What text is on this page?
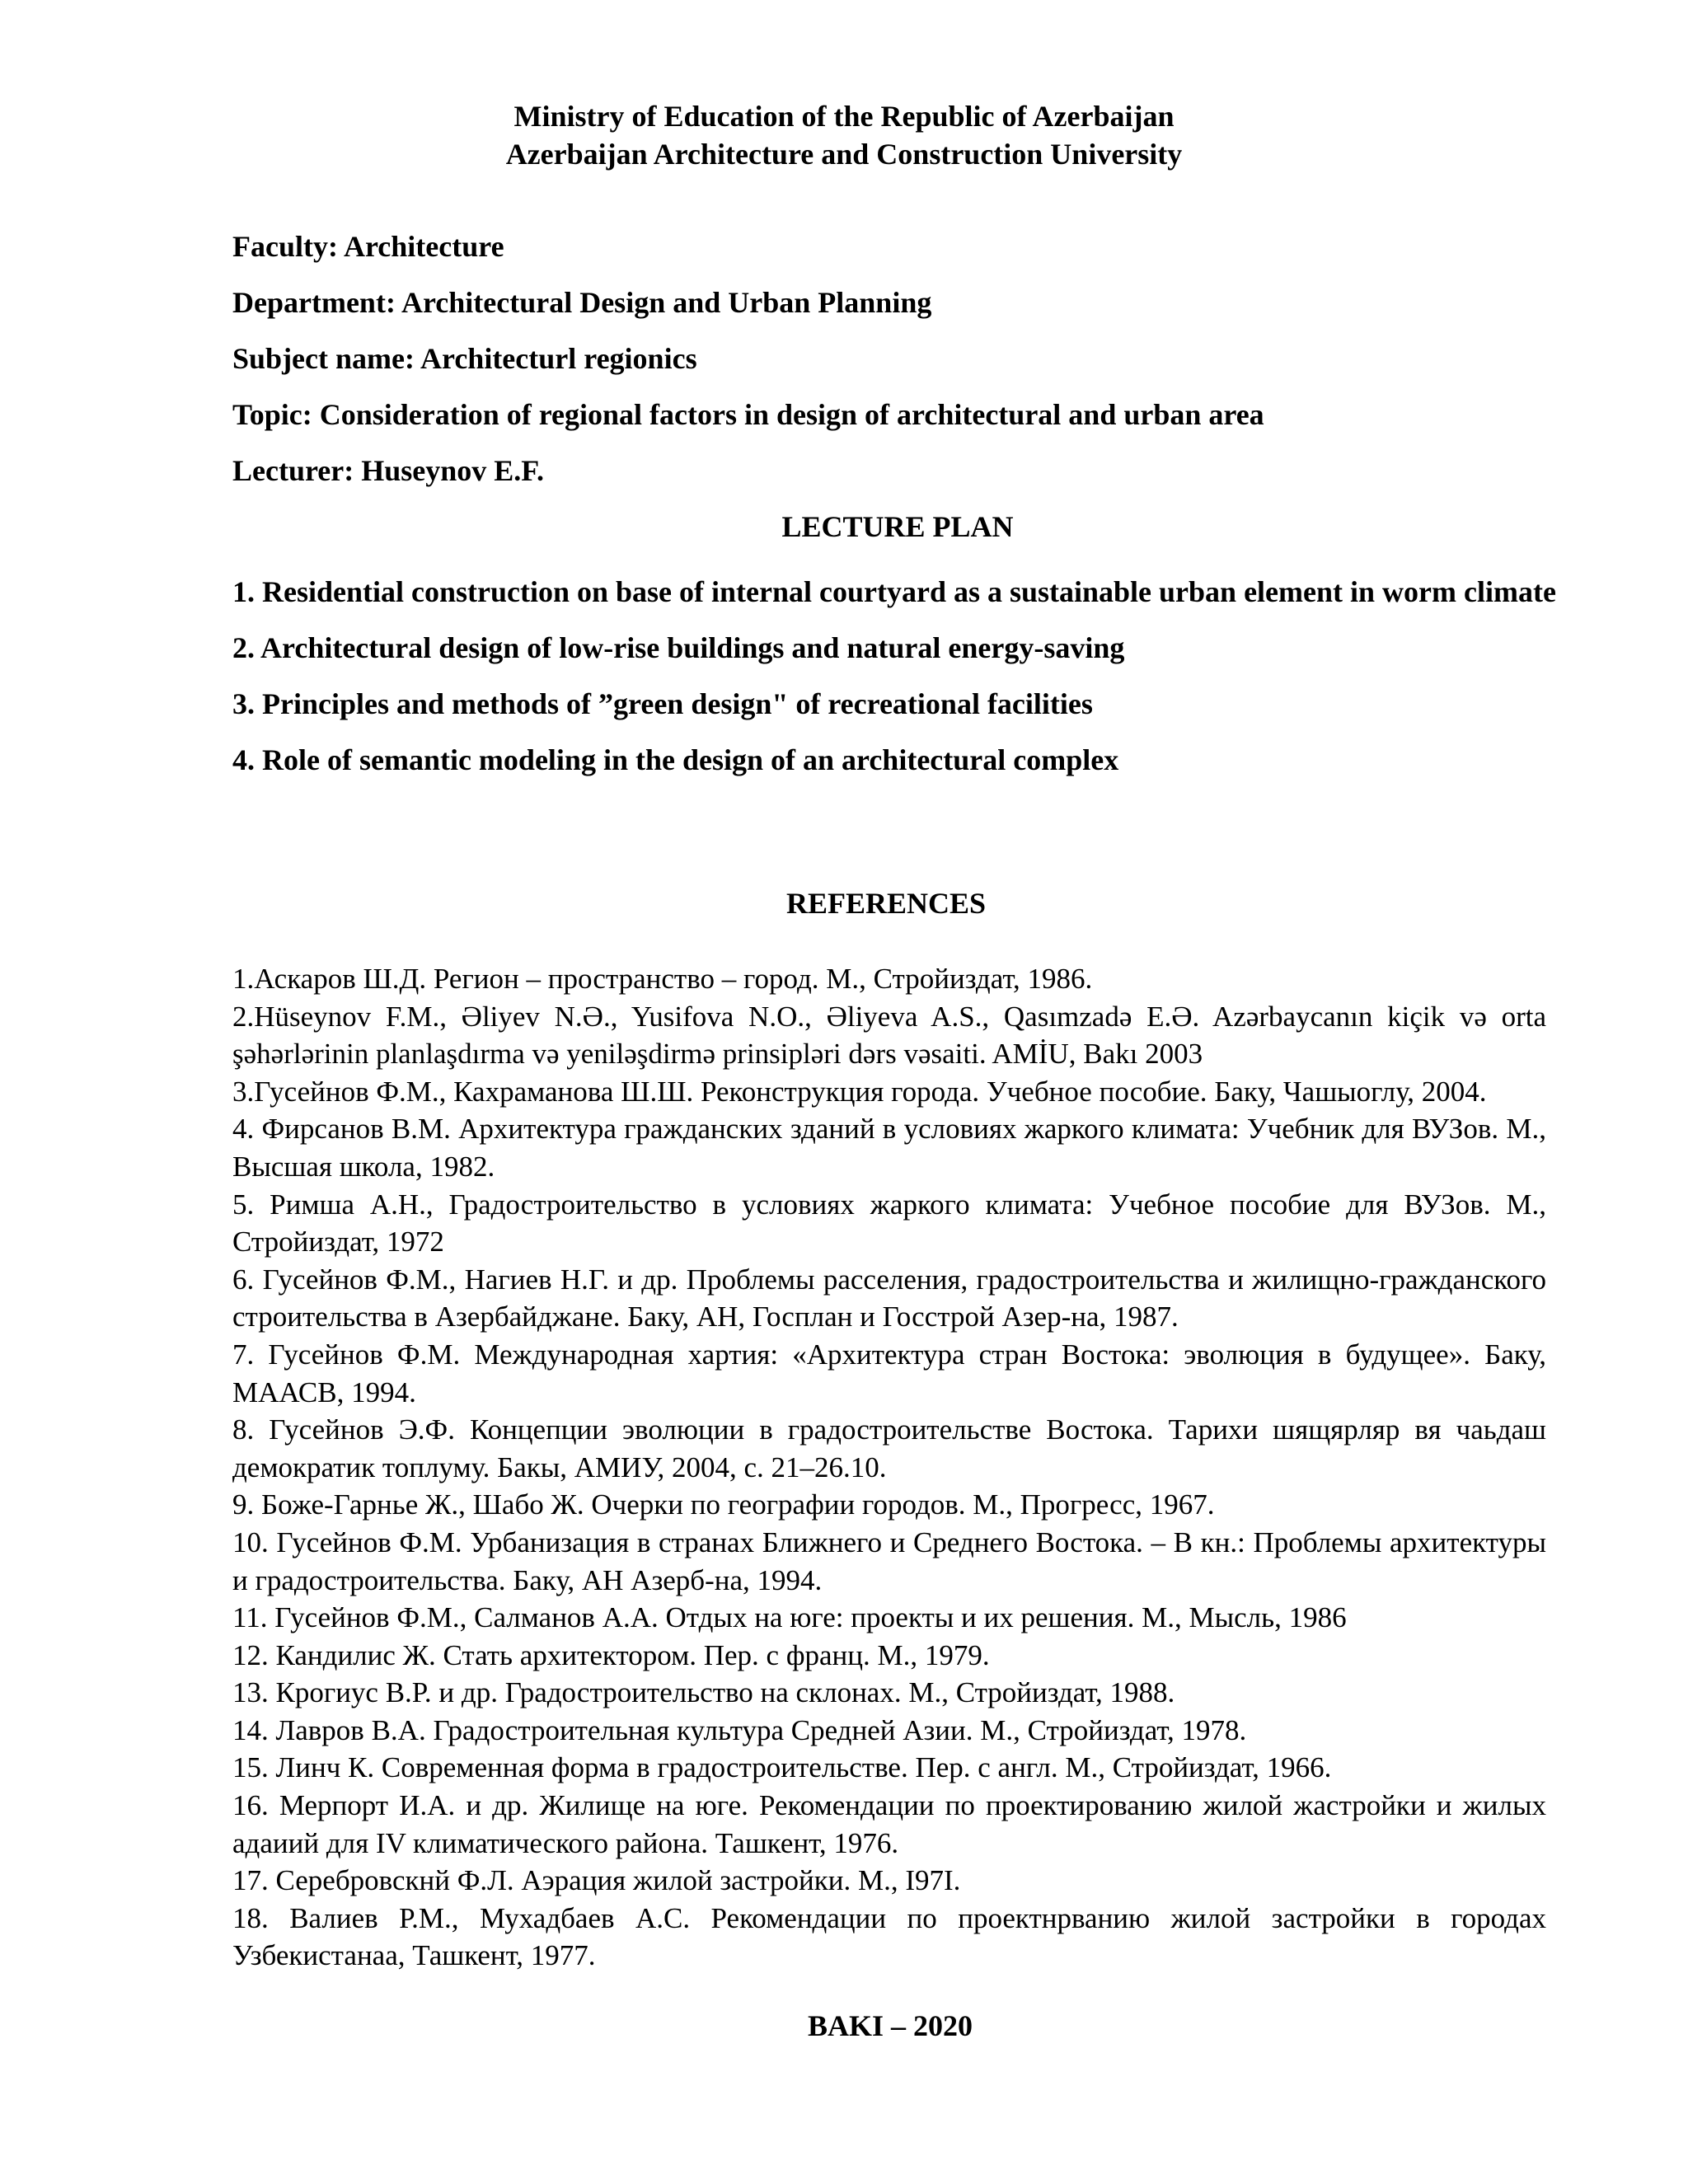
Ministry of Education of the Republic of Azerbaijan
Azerbaijan Architecture and Construction University
Faculty: Architecture
Department: Architectural Design and Urban Planning
Subject name: Architecturl regionics
Topic: Consideration of regional factors in design of architectural and urban area
Lecturer: Huseynov E.F.
LECTURE PLAN

1. Residential construction on base of internal courtyard as a sustainable urban element in worm climate

2. Architectural design of low-rise buildings and natural energy-saving

3. Principles and methods of ”green design" of recreational facilities

4. Role of semantic modeling in the design of an architectural complex

REFERENCES

1.Аскаров Ш.Д. Регион – пространство – город. М., Стройиздат, 1986.

2.Hüseynov F.M., Əliyev N.Ə., Yusifova N.O., Əliyeva A.S., Qasımzadə E.Ə. Azərbaycanın kiçik və orta şəhərlərinin planlaşdırma və yeniləşdirmə prinsipləri dərs vəsaiti. AMİU, Bakı 2003

3.Гусейнов Ф.М., Кахраманова Ш.Ш. Реконструкция города. Учебное пособие. Баку, Чашыоглу, 2004.

4. Фирсанов В.М. Архитектура гражданских зданий в условиях жаркого климата: Учебник для ВУЗов. М., Высшая школа, 1982.

5. Римша А.Н., Градостроительство в условиях жаркого климата: Учебное пособие для ВУЗов. М., Стройиздат, 1972

6. Гусейнов Ф.М., Нагиев Н.Г. и др. Проблемы расселения, градостроительства и жилищно-гражданского строительства в Азербайджане. Баку, АН, Госплан и Госстрой Азер-на, 1987.

7. Гусейнов Ф.М. Международная хартия: «Архитектура стран Востока: эволюция в будущее». Баку, МААСВ, 1994.

8. Гусейнов Э.Ф. Концепции эволюции в градостроительстве Востока. Тарихи шящярляр вя чаьдаш демократик топлуму. Бакы, АМИУ, 2004, с. 21–26.10.

9. Боже-Гарнье Ж., Шабо Ж. Очерки по географии городов. М., Прогресс, 1967.

10. Гусейнов Ф.М. Урбанизация в странах Ближнего и Среднего Востока. – В кн.: Проблемы архитектуры и градостроительства. Баку, АН Азерб-на, 1994.

11. Гусейнов Ф.М., Салманов А.А. Отдых на юге: проекты и их решения. М., Мысль, 1986

12. Кандилис Ж. Стать архитектором. Пер. с франц. М., 1979.

13. Крогиус В.Р. и др. Градостроительство на склонах. М., Стройиздат, 1988.

14. Лавров В.А. Градостроительная культура Средней Азии. М., Стройиздат, 1978.

15. Линч К. Современная форма в градостроительстве. Пер. с англ. М., Стройиздат, 1966.

16. Мерпорт И.А. и др. Жилище на юге. Рекомендации по проектированию жилой жастройки и жилых адаиий для IV климатического района. Ташкент, 1976.

17. Серебровскнй Ф.Л. Аэрация жилой застройки. М., I97I.

18. Валиев Р.М., Мухадбаев А.С. Рекомендации по проектнрванию жилой застройки в городах Узбекистанаа, Ташкент, 1977.

BAKI – 2020
